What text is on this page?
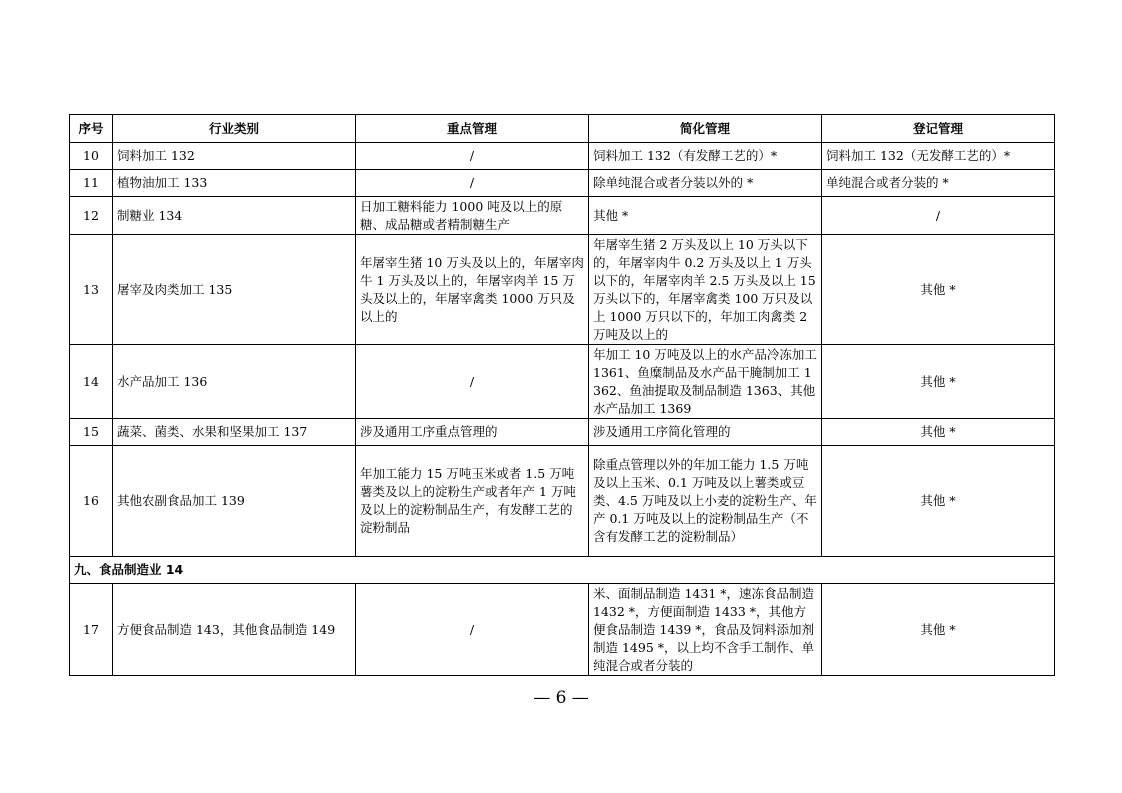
序号	行业类别	重点管理	简化管理	登记管理
10	饲料加工 132	/	饲料加工 132（有发酵工艺的）*	饲料加工 132（无发酵工艺的）*
11	植物油加工 133	/	除单纯混合或者分装以外的 *	单纯混合或者分装的 *
12	制糖业 134	日加工糖料能力 1000 吨及以上的原糖、成品糖或者精制糖生产	其他 *	/
13	屠宰及肉类加工 135	年屠宰生猪 10 万头及以上的，年屠宰肉牛 1 万头及以上的，年屠宰肉羊 15 万头及以上的，年屠宰禽类 1000 万只及以上的	年屠宰生猪 2 万头及以上 10 万头以下的，年屠宰肉牛 0.2 万头及以上 1 万头以下的，年屠宰肉羊 2.5 万头及以上 15 万头以下的，年屠宰禽类 100 万只及以上 1000 万只以下的，年加工肉禽类 2 万吨及以上的	其他 *
14	水产品加工 136	/	年加工 10 万吨及以上的水产品冷冻加工 1361、鱼糜制品及水产品干腌制加工 1362、鱼油提取及制品制造 1363、其他水产品加工 1369	其他 *
15	蔬菜、菌类、水果和坚果加工 137	涉及通用工序重点管理的	涉及通用工序简化管理的	其他 *
16	其他农副食品加工 139	年加工能力 15 万吨玉米或者 1.5 万吨薯类及以上的淀粉生产或者年产 1 万吨及以上的淀粉制品生产，有发酵工艺的淀粉制品	除重点管理以外的年加工能力 1.5 万吨及以上玉米、0.1 万吨及以上薯类或豆类、4.5 万吨及以上小麦的淀粉生产、年产 0.1 万吨及以上的淀粉制品生产（不含有发酵工艺的淀粉制品）	其他 *
九、食品制造业 14				
17	方便食品制造 143，其他食品制造 149	/	米、面制品制造 1431 *，速冻食品制造 1432 *，方便面制造 1433 *，其他方便食品制造 1439 *，食品及饲料添加剂制造 1495 *，以上均不含手工制作、单纯混合或者分装的	其他 *
— 6 —
